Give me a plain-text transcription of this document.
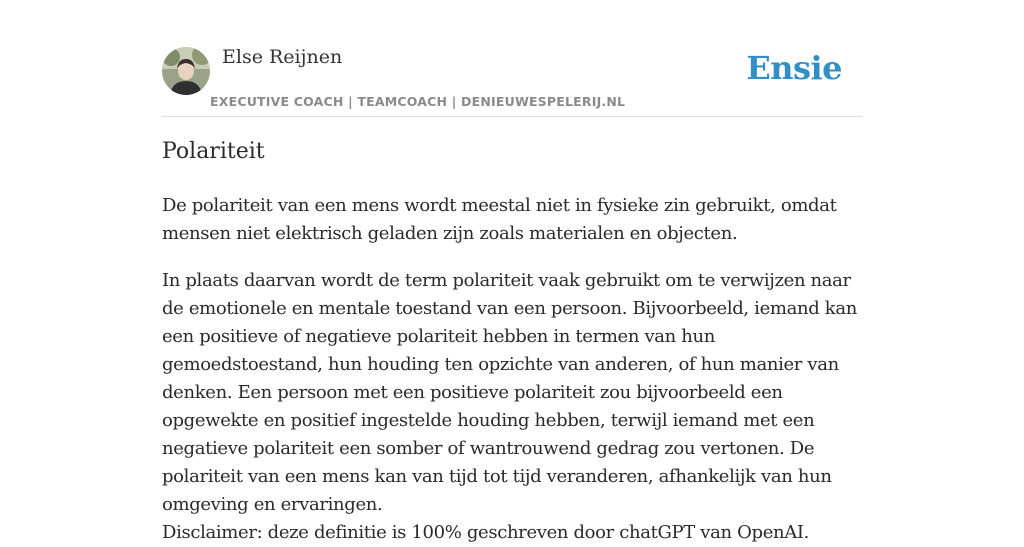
Else Reijnen
EXECUTIVE COACH | TEAMCOACH | DENIEUWESPELERIJ.NL
Ensie
Polariteit

De polariteit van een mens wordt meestal niet in fysieke zin gebruikt, omdat mensen niet elektrisch geladen zijn zoals materialen en objecten.

In plaats daarvan wordt de term polariteit vaak gebruikt om te verwijzen naar de emotionele en mentale toestand van een persoon. Bijvoorbeeld, iemand kan een positieve of negatieve polariteit hebben in termen van hun gemoedstoestand, hun houding ten opzichte van anderen, of hun manier van denken. Een persoon met een positieve polariteit zou bijvoorbeeld een opgewekte en positief ingestelde houding hebben, terwijl iemand met een negatieve polariteit een somber of wantrouwend gedrag zou vertonen. De polariteit van een mens kan van tijd tot tijd veranderen, afhankelijk van hun omgeving en ervaringen.

Disclaimer: deze definitie is 100% geschreven door chatGPT van OpenAI.
